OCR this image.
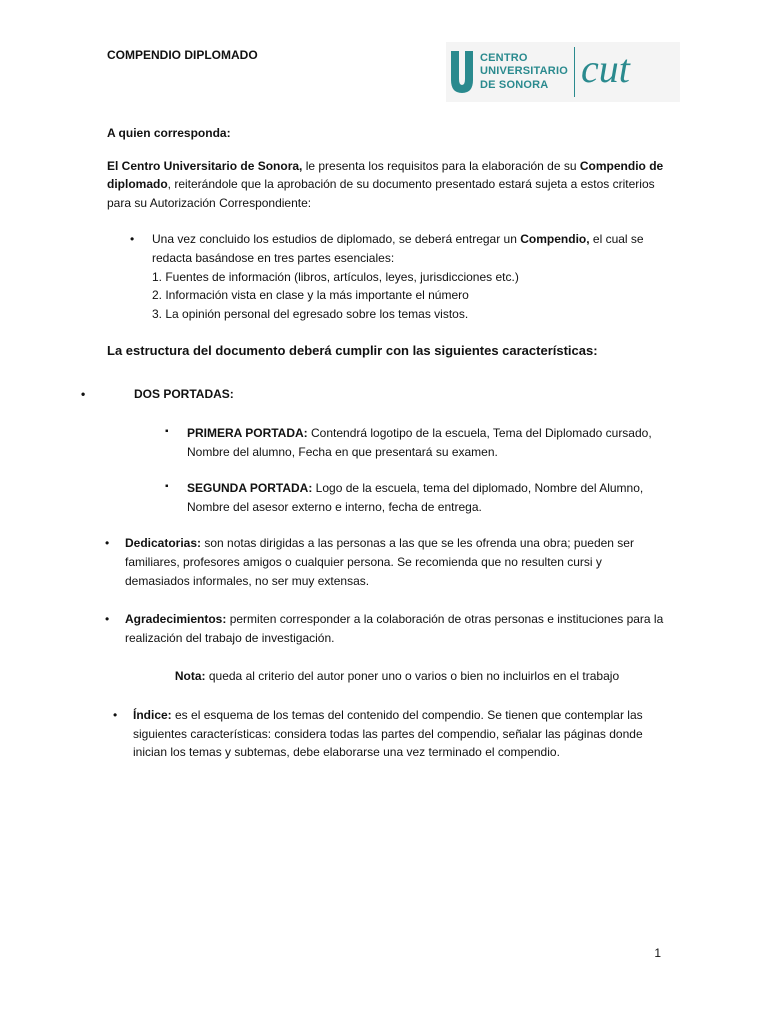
COMPENDIO DIPLOMADO	CENTRO
UNIVERSITARIO
DE SONORA cut

A quien corresponda:

El Centro Universitario de Sonora, le presenta los requisitos para la elaboración de su Compendio de diplomado, reiterándole que la aprobación de su documento presentado estará sujeta a estos criterios para su Autorización Correspondiente:

• Una vez concluido los estudios de diplomado, se deberá entregar un Compendio, el cual se redacta basándose en tres partes esenciales:
1. Fuentes de información (libros, artículos, leyes, jurisdicciones etc.)
2. Información vista en clase y la más importante el número
3. La opinión personal del egresado sobre los temas vistos.

La estructura del documento deberá cumplir con las siguientes características:

• DOS PORTADAS:
▪ PRIMERA PORTADA: Contendrá logotipo de la escuela, Tema del Diplomado cursado, Nombre del alumno, Fecha en que presentará su examen.
▪ SEGUNDA PORTADA: Logo de la escuela, tema del diplomado, Nombre del Alumno, Nombre del asesor externo e interno, fecha de entrega.
• Dedicatorias: son notas dirigidas a las personas a las que se les ofrenda una obra; pueden ser familiares, profesores amigos o cualquier persona. Se recomienda que no resulten cursi y demasiados informales, no ser muy extensas.
• Agradecimientos: permiten corresponder a la colaboración de otras personas e instituciones para la realización del trabajo de investigación.

Nota: queda al criterio del autor poner uno o varios o bien no incluirlos en el trabajo

• Índice: es el esquema de los temas del contenido del compendio. Se tienen que contemplar las siguientes características: considera todas las partes del compendio, señalar las páginas donde inician los temas y subtemas, debe elaborarse una vez terminado el compendio.
1
